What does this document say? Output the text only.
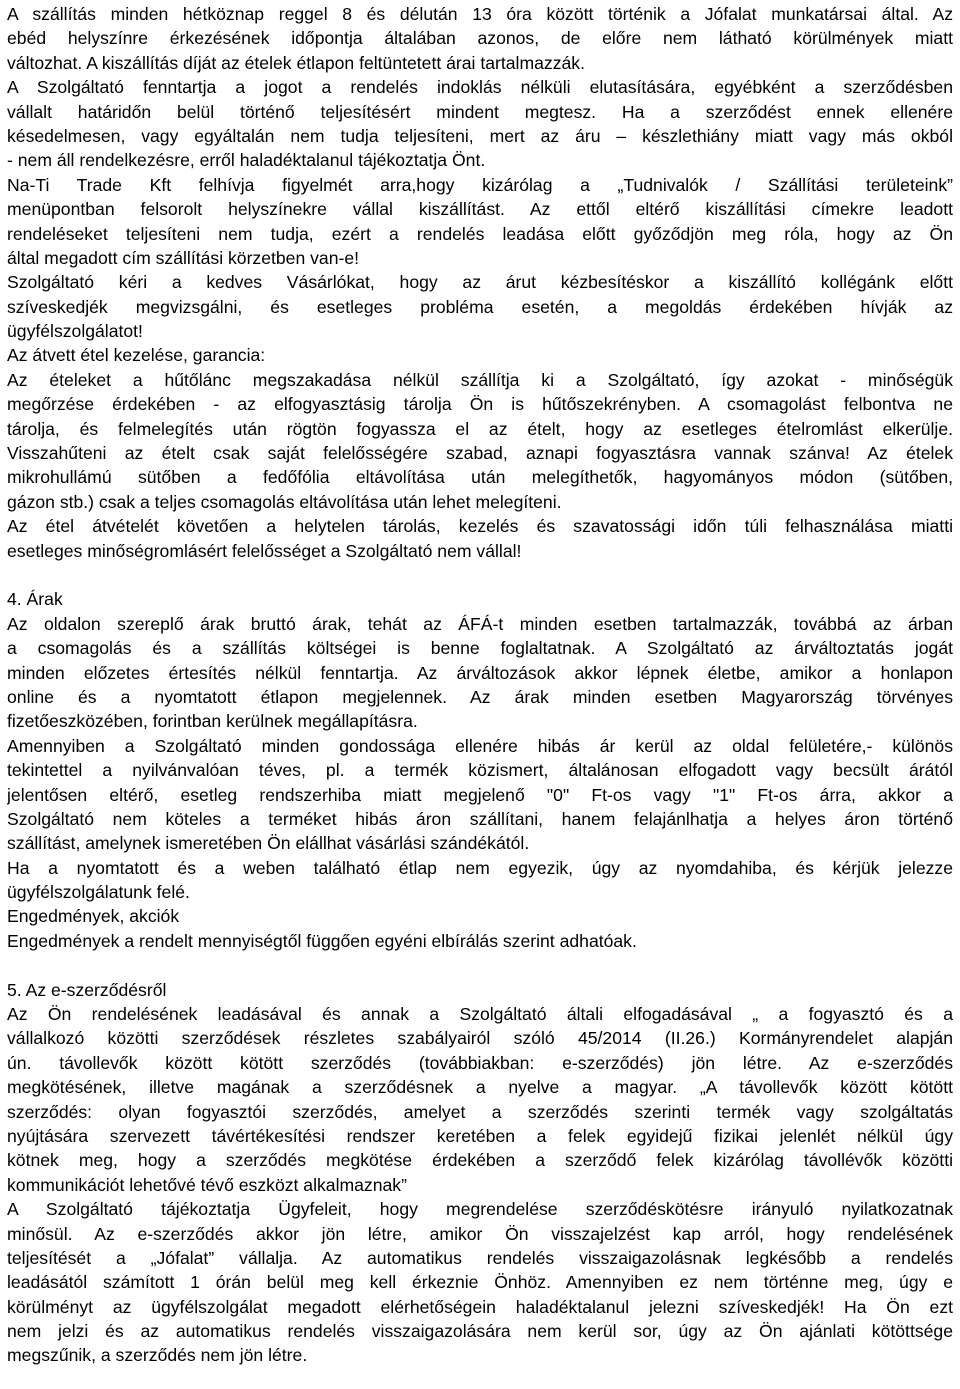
A szállítás minden hétköznap reggel 8 és délután 13 óra között történik a Jófalat munkatársai által. Az
ebéd helyszínre érkezésének időpontja általában azonos, de előre nem látható körülmények miatt
változhat. A kiszállítás díját az ételek étlapon feltüntetett árai tartalmazzák.
A Szolgáltató fenntartja a jogot a rendelés indoklás nélküli elutasítására, egyébként a szerződésben
vállalt határidőn belül történő teljesítésért mindent megtesz. Ha a szerződést ennek ellenére
késedelmesen, vagy egyáltalán nem tudja teljesíteni, mert az áru – készlethiány miatt vagy más okból
- nem áll rendelkezésre, erről haladéktalanul tájékoztatja Önt.
Na-Ti Trade Kft felhívja figyelmét arra,hogy kizárólag a „Tudnivalók / Szállítási területeink”
menüpontban felsorolt helyszínekre vállal kiszállítást. Az ettől eltérő kiszállítási címekre leadott
rendeléseket teljesíteni nem tudja, ezért a rendelés leadása előtt győződjön meg róla, hogy az Ön
által megadott cím szállítási körzetben van-e!
Szolgáltató kéri a kedves Vásárlókat, hogy az árut kézbesítéskor a kiszállító kollégánk előtt
szíveskedjék megvizsgálni, és esetleges probléma esetén, a megoldás érdekében hívják az
ügyfélszolgálatot!
Az átvett étel kezelése, garancia:
Az ételeket a hűtőlánc megszakadása nélkül szállítja ki a Szolgáltató, így azokat - minőségük
megőrzése érdekében - az elfogyasztásig tárolja Ön is hűtőszekrényben. A csomagolást felbontva ne
tárolja, és felmelegítés után rögtön fogyassza el az ételt, hogy az esetleges ételromlást elkerülje.
Visszahűteni az ételt csak saját felelősségére szabad, aznapi fogyasztásra vannak szánva! Az ételek
mikrohullámú sütőben a fedőfólia eltávolítása után melegíthetők, hagyományos módon (sütőben,
gázon stb.) csak a teljes csomagolás eltávolítása után lehet melegíteni.
Az étel átvételét követően a helytelen tárolás, kezelés és szavatossági időn túli felhasználása miatti
esetleges minőségromlásért felelősséget a Szolgáltató nem vállal!
4. Árak
Az oldalon szereplő árak bruttó árak, tehát az ÁFÁ-t minden esetben tartalmazzák, továbbá az árban
a csomagolás és a szállítás költségei is benne foglaltatnak. A Szolgáltató az árváltoztatás jogát
minden előzetes értesítés nélkül fenntartja. Az árváltozások akkor lépnek életbe, amikor a honlapon
online és a nyomtatott étlapon megjelennek. Az árak minden esetben Magyarország törvényes
fizetőeszközében, forintban kerülnek megállapításra.
Amennyiben a Szolgáltató minden gondossága ellenére hibás ár kerül az oldal felületére,- különös
tekintettel a nyilvánvalóan téves, pl. a termék közismert, általánosan elfogadott vagy becsült árától
jelentősen eltérő, esetleg rendszerhiba miatt megjelenő "0" Ft-os vagy "1" Ft-os árra, akkor a
Szolgáltató nem köteles a terméket hibás áron szállítani, hanem felajánlhatja a helyes áron történő
szállítást, amelynek ismeretében Ön elállhat vásárlási szándékától.
Ha a nyomtatott és a weben található étlap nem egyezik, úgy az nyomdahiba, és kérjük jelezze
ügyfélszolgálatunk felé.
Engedmények, akciók
Engedmények a rendelt mennyiségtől függően egyéni elbírálás szerint adhatóak.
5. Az e-szerződésről
Az Ön rendelésének leadásával és annak a Szolgáltató általi elfogadásával „ a fogyasztó és a
vállalkozó közötti szerződések részletes szabályairól szóló 45/2014 (II.26.) Kormányrendelet alapján
ún. távollevők között kötött szerződés (továbbiakban: e-szerződés) jön létre. Az e-szerződés
megkötésének, illetve magának a szerződésnek a nyelve a magyar. „A távollevők között kötött
szerződés: olyan fogyasztói szerződés, amelyet a szerződés szerinti termék vagy szolgáltatás
nyújtására szervezett távértékesítési rendszer keretében a felek egyidejű fizikai jelenlét nélkül úgy
kötnek meg, hogy a szerződés megkötése érdekében a szerződő felek kizárólag távollévők közötti
kommunikációt lehetővé tévő eszközt alkalmaznak”
A Szolgáltató tájékoztatja Ügyfeleit, hogy megrendelése szerződéskötésre irányuló nyilatkozatnak
minősül. Az e-szerződés akkor jön létre, amikor Ön visszajelzést kap arról, hogy rendelésének
teljesítését a „Jófalat” vállalja. Az automatikus rendelés visszaigazolásnak legkésőbb a rendelés
leadásától számított 1 órán belül meg kell érkeznie Önhöz. Amennyiben ez nem történne meg, úgy e
körülményt az ügyfélszolgálat megadott elérhetőségein haladéktalanul jelezni szíveskedjék! Ha Ön ezt
nem jelzi és az automatikus rendelés visszaigazolására nem kerül sor, úgy az Ön ajánlati kötöttsége
megszűnik, a szerződés nem jön létre.
